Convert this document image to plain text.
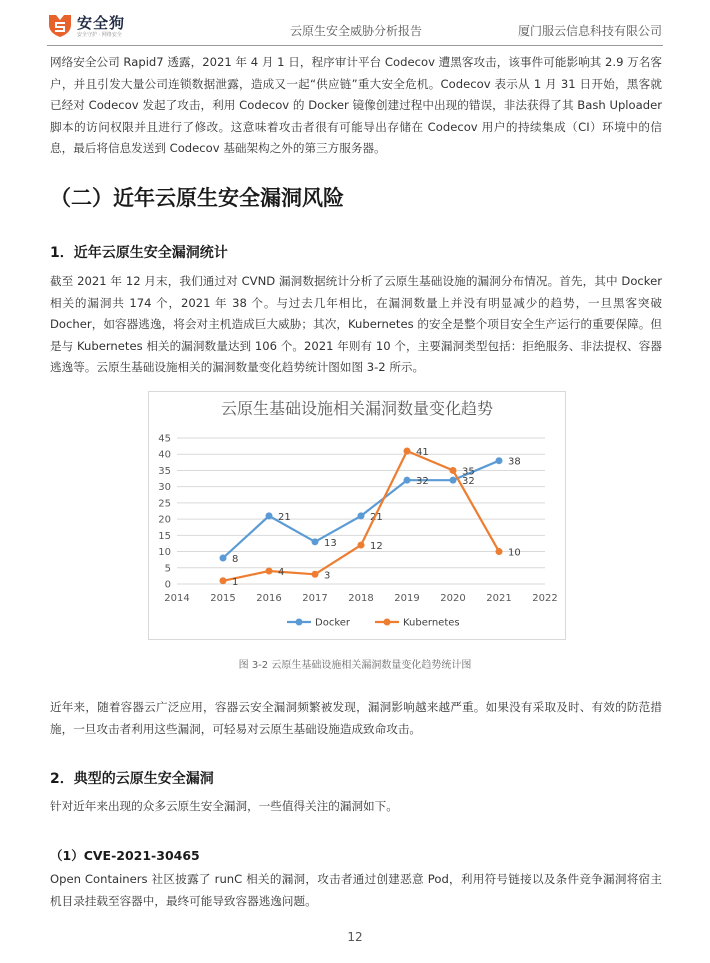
安全狗
安全守护 · 网络安全	云原生安全威胁分析报告	厦门服云信息科技有限公司

网络安全公司 Rapid7 透露，2021 年 4 月 1 日，程序审计平台 Codecov 遭黑客攻击，该事件可能影响其 2.9 万名客户，并且引发大量公司连锁数据泄露，造成又一起“供应链”重大安全危机。Codecov 表示从 1 月 31 日开始，黑客就已经对 Codecov 发起了攻击，利用 Codecov 的 Docker 镜像创建过程中出现的错误，非法获得了其 Bash Uploader 脚本的访问权限并且进行了修改。这意味着攻击者很有可能导出存储在 Codecov 用户的持续集成（CI）环境中的信息，最后将信息发送到 Codecov 基础架构之外的第三方服务器。

（二）近年云原生安全漏洞风险
1．近年云原生安全漏洞统计

截至 2021 年 12 月末，我们通过对 CVND 漏洞数据统计分析了云原生基础设施的漏洞分布情况。首先，其中 Docker 相关的漏洞共 174 个，2021 年 38 个。与过去几年相比，在漏洞数量上并没有明显减少的趋势，一旦黑客突破 Docher，如容器逃逸，将会对主机造成巨大威胁；其次，Kubernetes 的安全是整个项目安全生产运行的重要保障。但是与 Kubernetes 相关的漏洞数量达到 106 个。2021 年则有 10 个，主要漏洞类型包括：拒绝服务、非法提权、容器逃逸等。云原生基础设施相关的漏洞数量变化趋势统计图如图 3-2 所示。

云原生基础设施相关漏洞数量变化趋势
0
5
10
15
20
25
30
35
40
45
2014 2015 2016 2017 2018 2019 2020 2021 2022
8
21
13
21
32	32
38
1
4	3
12
41
35
10
Docker	Kubernetes
图 3-2 云原生基础设施相关漏洞数量变化趋势统计图

近年来，随着容器云广泛应用，容器云安全漏洞频繁被发现，漏洞影响越来越严重。如果没有采取及时、有效的防范措施，一旦攻击者利用这些漏洞，可轻易对云原生基础设施造成致命攻击。

2．典型的云原生安全漏洞

针对近年来出现的众多云原生安全漏洞，一些值得关注的漏洞如下。

（1）CVE-2021-30465

Open Containers 社区披露了 runC 相关的漏洞，攻击者通过创建恶意 Pod，利用符号链接以及条件竞争漏洞将宿主机目录挂载至容器中，最终可能导致容器逃逸问题。

12
